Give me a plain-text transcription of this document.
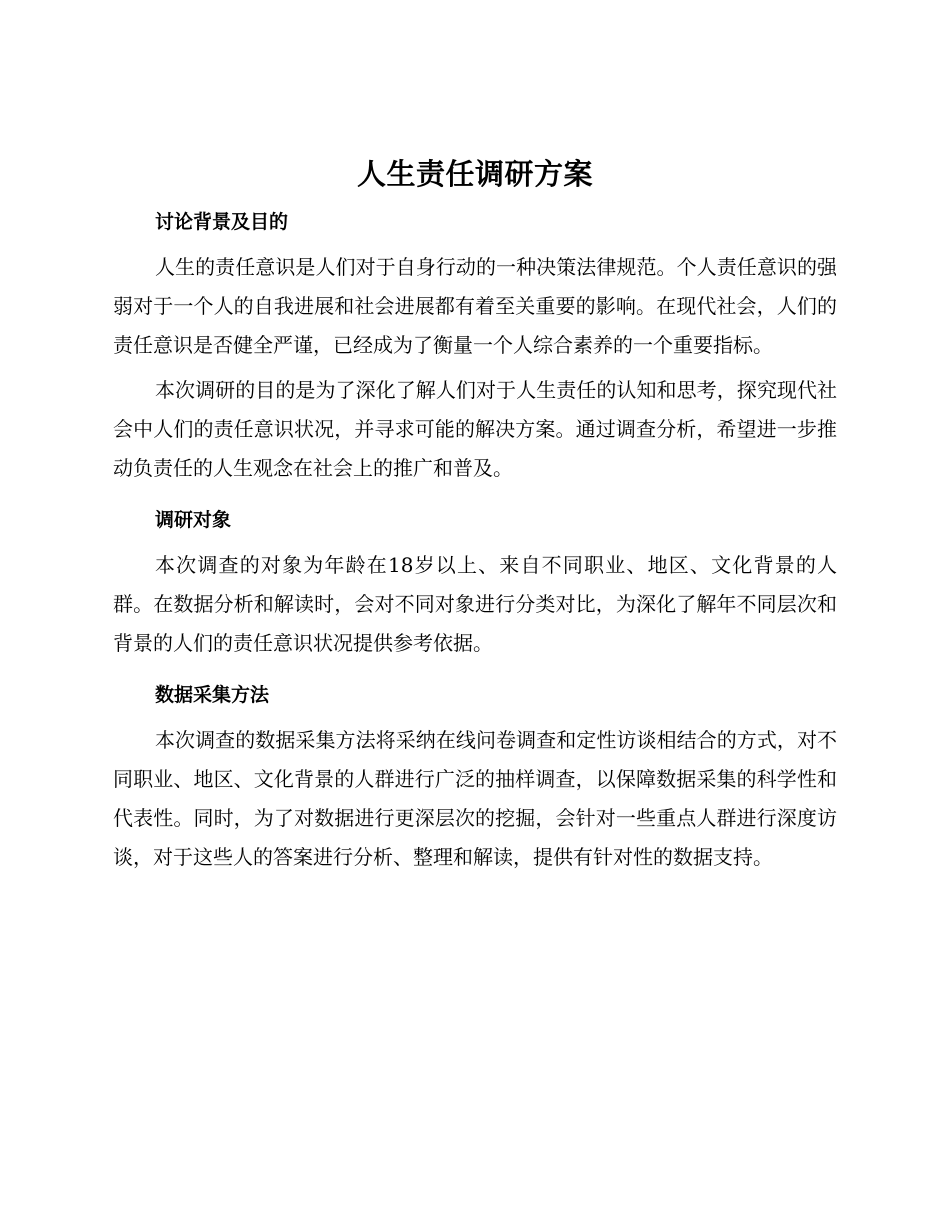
人生责任调研方案
讨论背景及目的

人生的责任意识是人们对于自身行动的一种决策法律规范。个人责任意识的强弱对于一个人的自我进展和社会进展都有着至关重要的影响。在现代社会，人们的责任意识是否健全严谨，已经成为了衡量一个人综合素养的一个重要指标。

本次调研的目的是为了深化了解人们对于人生责任的认知和思考，探究现代社会中人们的责任意识状况，并寻求可能的解决方案。通过调查分析，希望进一步推动负责任的人生观念在社会上的推广和普及。

调研对象

本次调查的对象为年龄在18岁以上、来自不同职业、地区、文化背景的人群。在数据分析和解读时，会对不同对象进行分类对比，为深化了解年不同层次和背景的人们的责任意识状况提供参考依据。

数据采集方法

本次调查的数据采集方法将采纳在线问卷调查和定性访谈相结合的方式，对不同职业、地区、文化背景的人群进行广泛的抽样调查，以保障数据采集的科学性和代表性。同时，为了对数据进行更深层次的挖掘，会针对一些重点人群进行深度访谈，对于这些人的答案进行分析、整理和解读，提供有针对性的数据支持。
